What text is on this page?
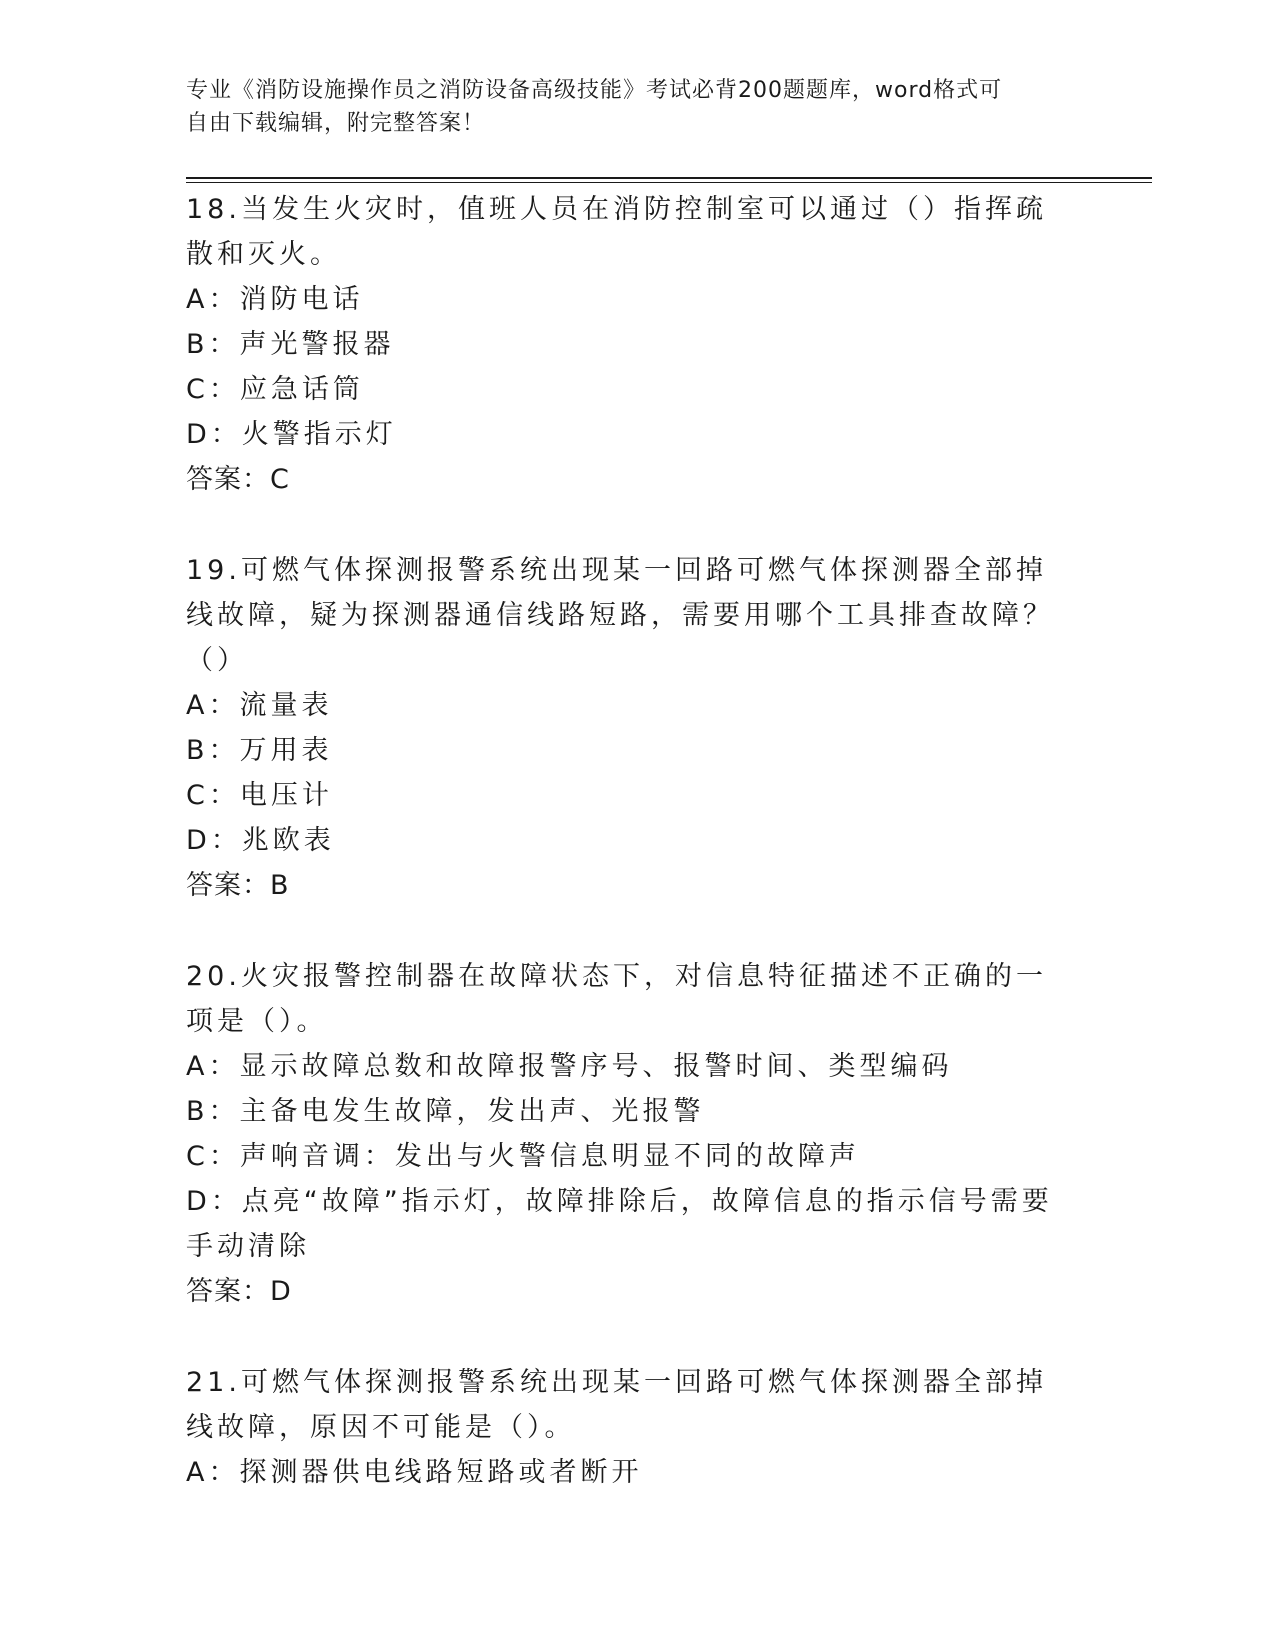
专业《消防设施操作员之消防设备高级技能》考试必背200题题库，word格式可
自由下载编辑，附完整答案！
18.当发生火灾时，值班人员在消防控制室可以通过（）指挥疏散和灭火。
A：消防电话
B：声光警报器
C：应急话筒
D：火警指示灯
答案：C
19.可燃气体探测报警系统出现某一回路可燃气体探测器全部掉线故障，疑为探测器通信线路短路，需要用哪个工具排查故障？（）
A：流量表
B：万用表
C：电压计
D：兆欧表
答案：B
20.火灾报警控制器在故障状态下，对信息特征描述不正确的一项是（）。
A：显示故障总数和故障报警序号、报警时间、类型编码
B：主备电发生故障，发出声、光报警
C：声响音调：发出与火警信息明显不同的故障声
D：点亮“故障”指示灯，故障排除后，故障信息的指示信号需要手动清除
答案：D
21.可燃气体探测报警系统出现某一回路可燃气体探测器全部掉线故障，原因不可能是（）。
A：探测器供电线路短路或者断开
